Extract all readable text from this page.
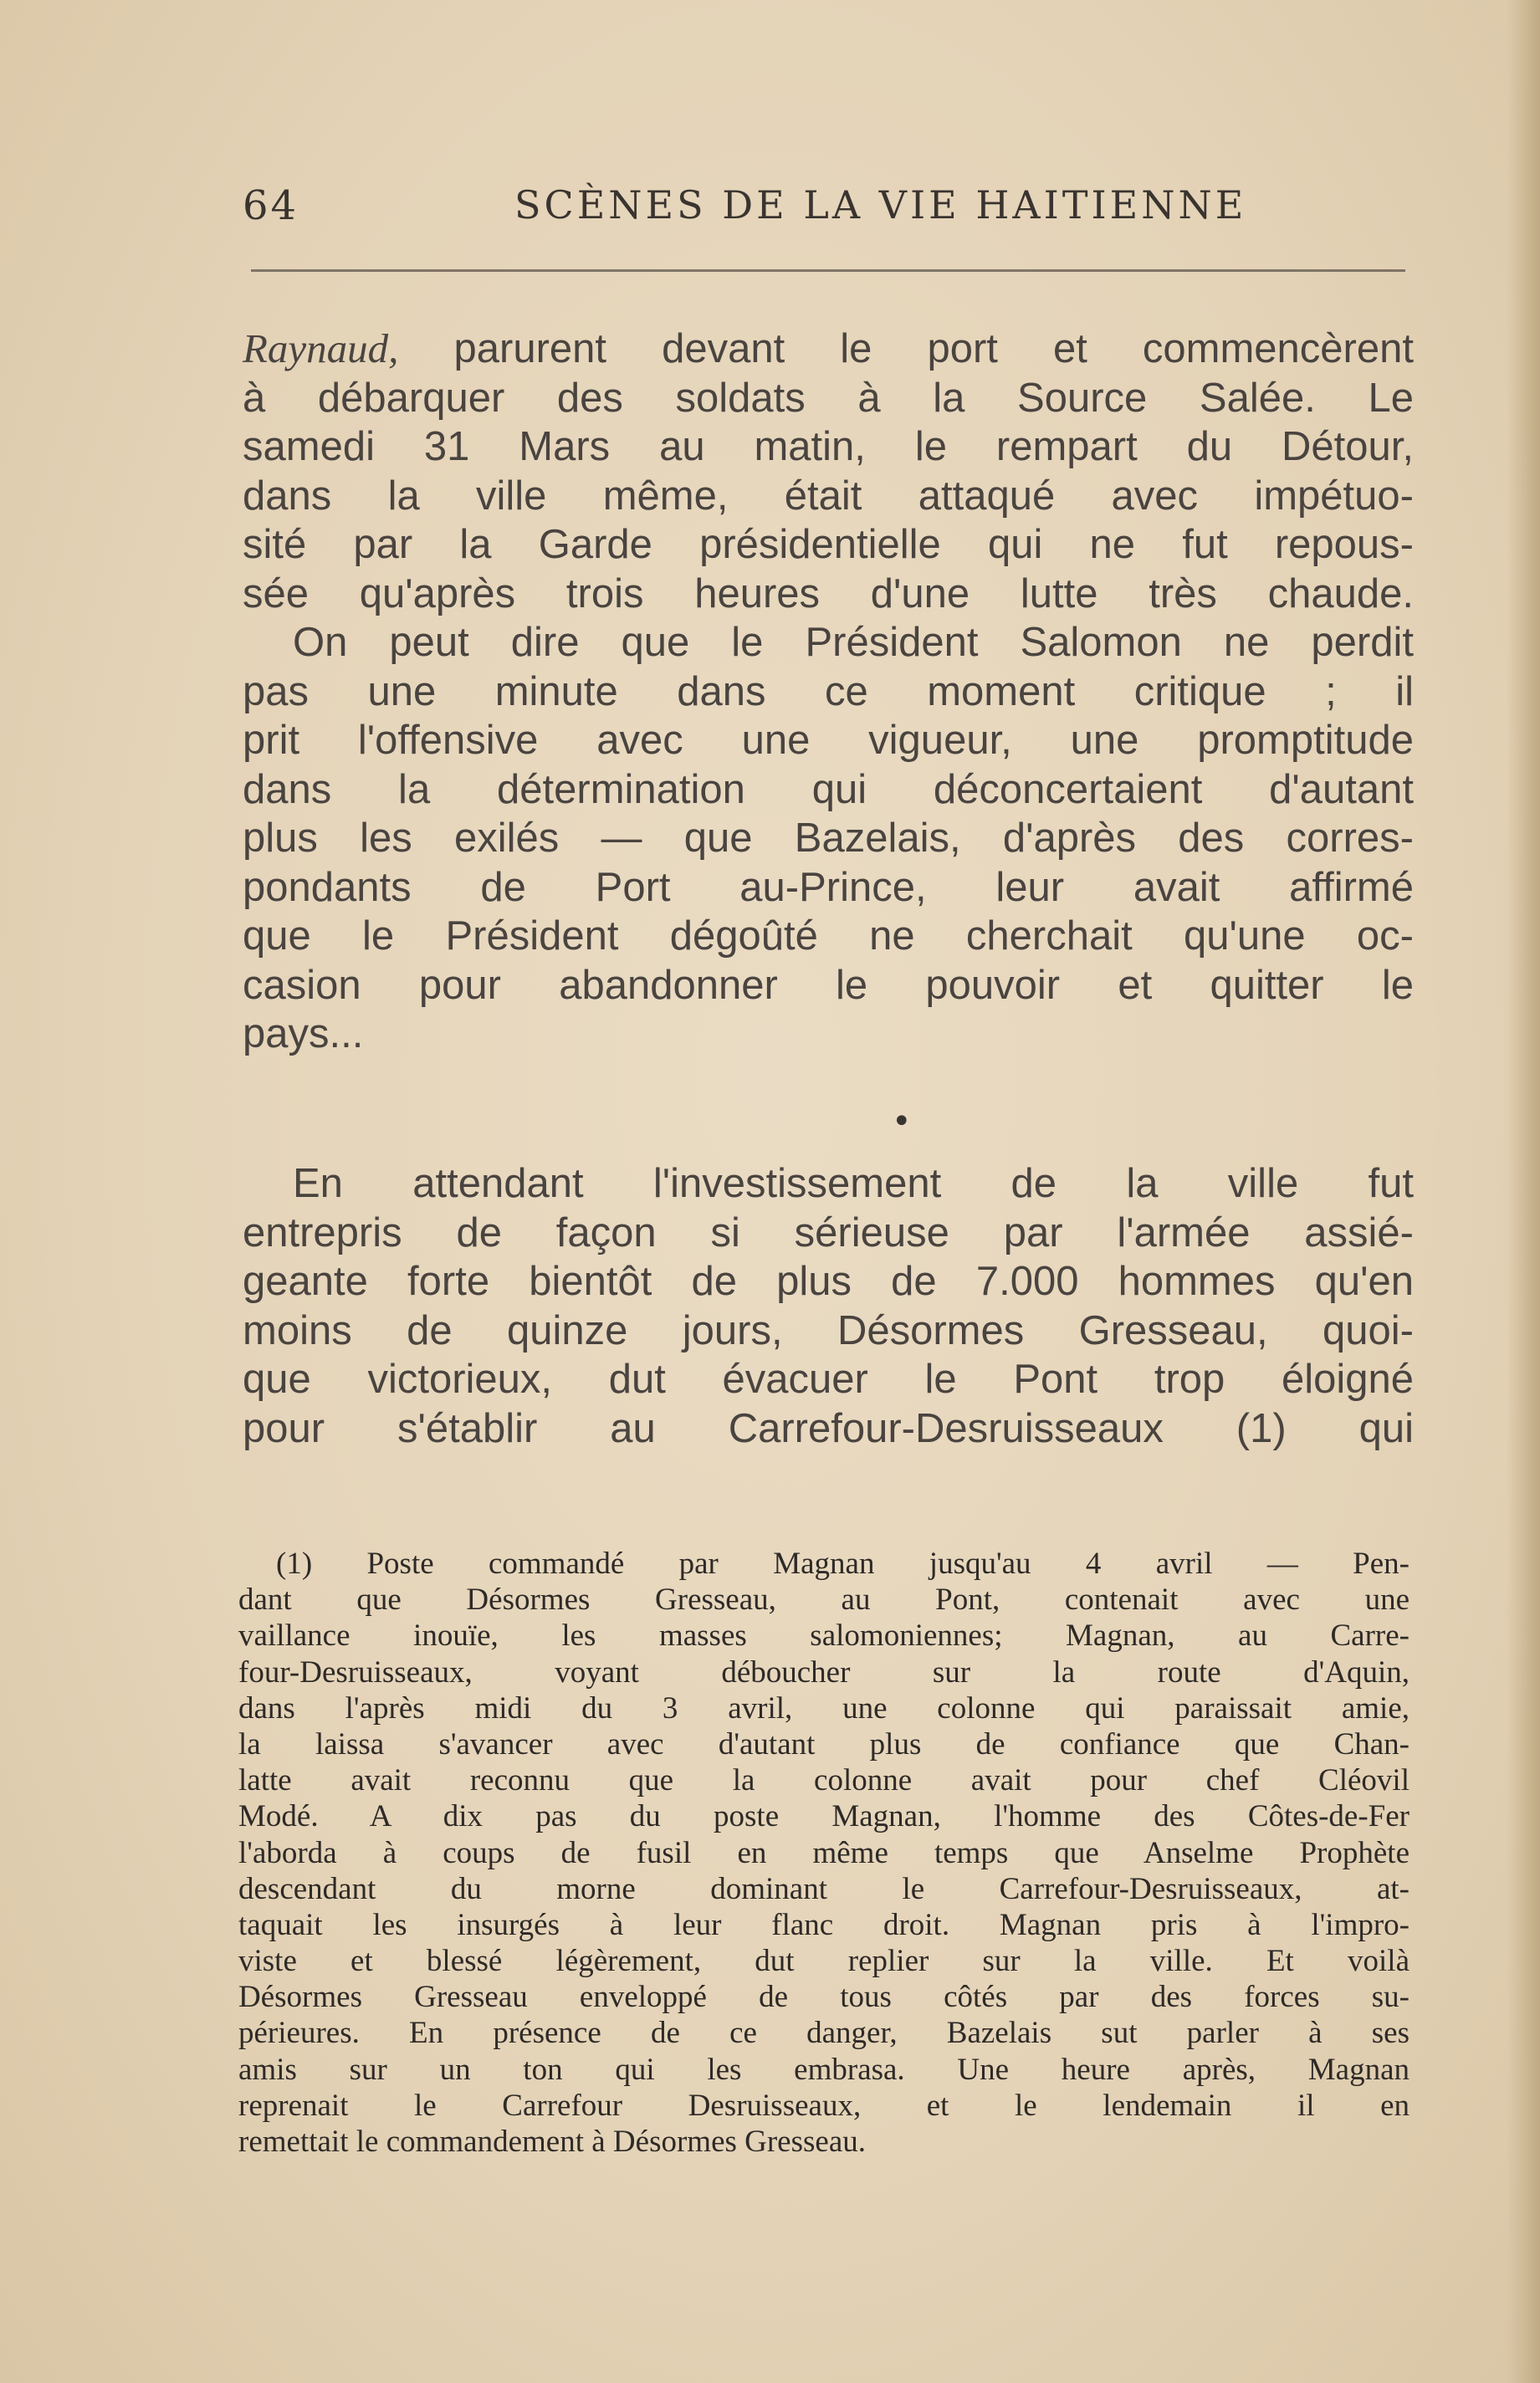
64	SCÈNES DE LA VIE HAITIENNE
Raynaud, parurent devant le port et commencèrent
à débarquer des soldats à la Source Salée. Le
samedi 31 Mars au matin, le rempart du Détour,
dans la ville même, était attaqué avec impétuo-
sité par la Garde présidentielle qui ne fut repous-
sée qu'après trois heures d'une lutte très chaude.
On peut dire que le Président Salomon ne perdit
pas une minute dans ce moment critique ; il
prit l'offensive avec une vigueur, une promptitude
dans la détermination qui déconcertaient d'autant
plus les exilés — que Bazelais, d'après des corres-
pondants de Port au-Prince, leur avait affirmé
que le Président dégoûté ne cherchait qu'une oc-
casion pour abandonner le pouvoir et quitter le
pays...
•
En attendant l'investissement de la ville fut
entrepris de façon si sérieuse par l'armée assié-
geante forte bientôt de plus de 7.000 hommes qu'en
moins de quinze jours, Désormes Gresseau, quoi-
que victorieux, dut évacuer le Pont trop éloigné
pour s'établir au Carrefour-Desruisseaux (1) qui
(1) Poste commandé par Magnan jusqu'au 4 avril — Pen-
dant que Désormes Gresseau, au Pont, contenait avec une
vaillance inouïe, les masses salomoniennes; Magnan, au Carre-
four-Desruisseaux, voyant déboucher sur la route d'Aquin,
dans l'après midi du 3 avril, une colonne qui paraissait amie,
la laissa s'avancer avec d'autant plus de confiance que Chan-
latte avait reconnu que la colonne avait pour chef Cléovil
Modé. A dix pas du poste Magnan, l'homme des Côtes-de-Fer
l'aborda à coups de fusil en même temps que Anselme Prophète
descendant du morne dominant le Carrefour-Desruisseaux, at-
taquait les insurgés à leur flanc droit. Magnan pris à l'impro-
viste et blessé légèrement, dut replier sur la ville. Et voilà
Désormes Gresseau enveloppé de tous côtés par des forces su-
périeures. En présence de ce danger, Bazelais sut parler à ses
amis sur un ton qui les embrasa. Une heure après, Magnan
reprenait le Carrefour Desruisseaux, et le lendemain il en
remettait le commandement à Désormes Gresseau.
